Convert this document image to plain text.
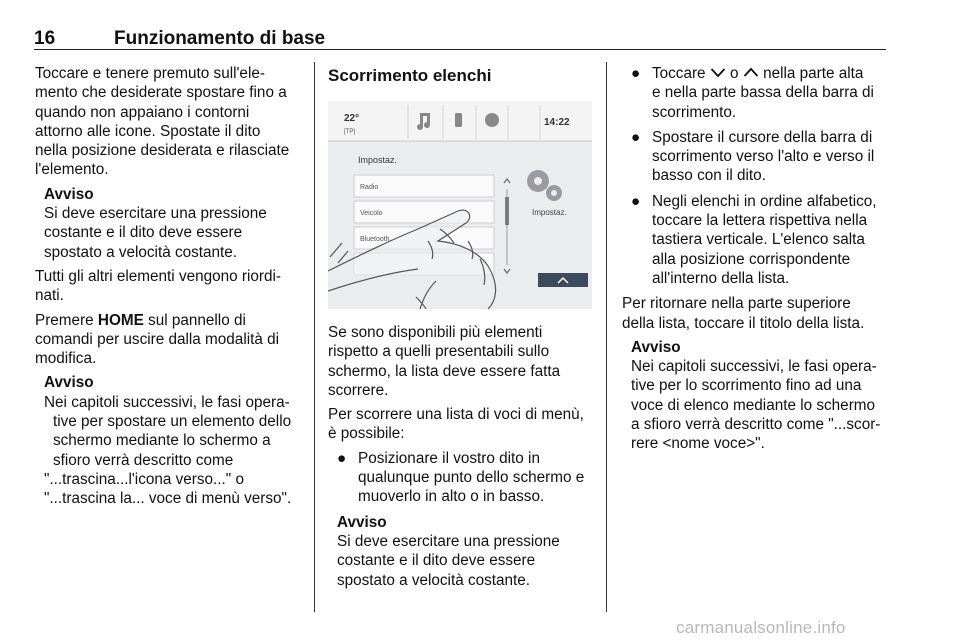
16	Funzionamento di base

Toccare e tenere premuto sull'ele-
mento che desiderate spostare fino a
quando non appaiano i contorni
attorno alle icone. Spostate il dito
nella posizione desiderata e rilasciate
l'elemento.

Avviso
Si deve esercitare una pressione
costante e il dito deve essere
spostato a velocità costante.

Tutti gli altri elementi vengono riordi-
nati.

Premere HOME sul pannello di
comandi per uscire dalla modalità di
modifica.

Avviso
Nei capitoli successivi, le fasi opera-
tive per spostare un elemento dello
schermo mediante lo schermo a
sfioro verrà descritto come
"...trascina...l'icona verso..." o
"...trascina la... voce di menù verso".
Scorrimento elenchi
22°
[TP]
14:22
Impostaz.
Radio
Veicolo
Bluetooth
Impostaz.

Se sono disponibili più elementi
rispetto a quelli presentabili sullo
schermo, la lista deve essere fatta
scorrere.

Per scorrere una lista di voci di menù,
è possibile:

● Posizionare il vostro dito in
qualunque punto dello schermo e
muoverlo in alto o in basso.
Avviso
Si deve esercitare una pressione
costante e il dito deve essere
spostato a velocità costante.
● Toccare  o  nella parte alta
e nella parte bassa della barra di
scorrimento.
● Spostare il cursore della barra di
scorrimento verso l'alto e verso il
basso con il dito.
● Negli elenchi in ordine alfabetico,
toccare la lettera rispettiva nella
tastiera verticale. L'elenco salta
alla posizione corrispondente
all'interno della lista.

Per ritornare nella parte superiore
della lista, toccare il titolo della lista.

Avviso
Nei capitoli successivi, le fasi opera-
tive per lo scorrimento fino ad una
voce di elenco mediante lo schermo
a sfioro verrà descritto come "...scor-
rere <nome voce>".
carmanualsonline.info
